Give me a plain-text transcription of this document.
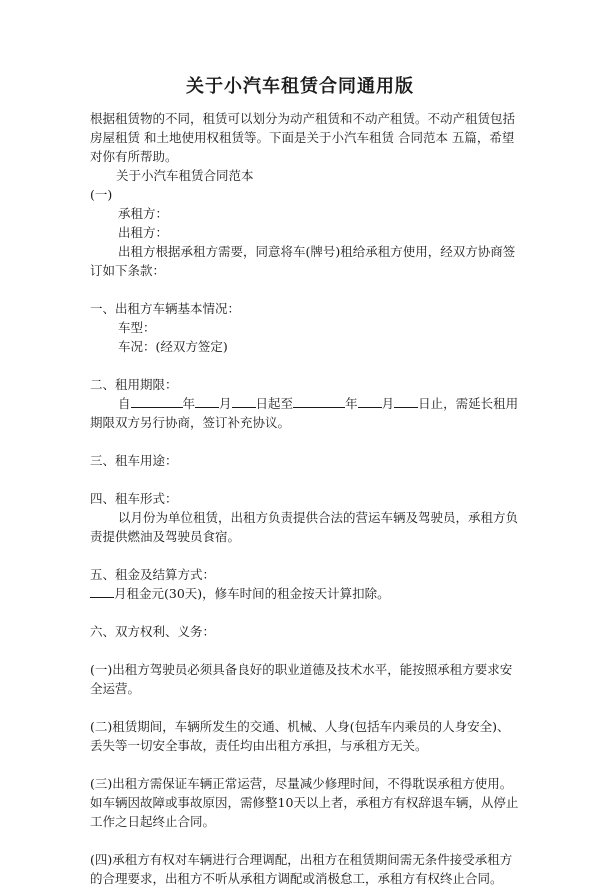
关于小汽车租赁合同通用版

根据租赁物的不同，租赁可以划分为动产租赁和不动产租赁。不动产租赁包括房屋租赁 和土地使用权租赁等。下面是关于小汽车租赁 合同范本 五篇，希望对你有所帮助。

关于小汽车租赁合同范本

(一)

承租方：

出租方：

出租方根据承租方需要，同意将车(牌号)租给承租方使用，经双方协商签订如下条款：

一、出租方车辆基本情况：

车型：

车况：(经双方签定)

二、租用期限：

自	年 月 日起至	年 月 日止，需延长租用期限双方另行协商，签订补充协议。

三、租车用途：

四、租车形式：

以月份为单位租赁，出租方负责提供合法的营运车辆及驾驶员，承租方负责提供燃油及驾驶员食宿。

五、租金及结算方式：

月租金元(30天)，修车时间的租金按天计算扣除。

六、双方权利、义务：

(一)出租方驾驶员必须具备良好的职业道德及技术水平，能按照承租方要求安全运营。

(二)租赁期间，车辆所发生的交通、机械、人身(包括车内乘员的人身安全)、丢失等一切安全事故，责任均由出租方承担，与承租方无关。

(三)出租方需保证车辆正常运营，尽量减少修理时间，不得耽误承租方使用。如车辆因故障或事故原因，需修整10天以上者，承租方有权辞退车辆，从停止工作之日起终止合同。

(四)承租方有权对车辆进行合理调配，出租方在租赁期间需无条件接受承租方的合理要求，出租方不听从承租方调配或消极怠工，承租方有权终止合同。
